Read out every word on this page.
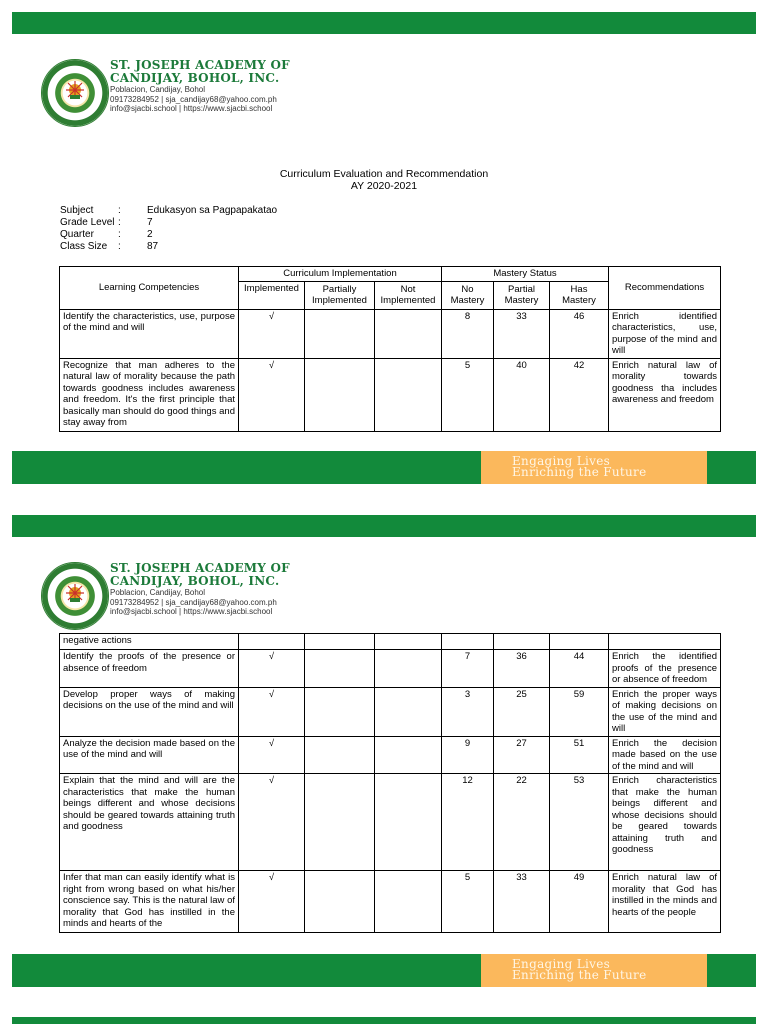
ST. JOSEPH ACADEMY OF
CANDIJAY, BOHOL, INC.
Poblacion, Candijay, Bohol
09173284952 | sja_candijay68@yahoo.com.ph
info@sjacbi.school | https://www.sjacbi.school
Curriculum Evaluation and Recommendation
AY 2020-2021
Subject	:	Edukasyon sa Pagpapakatao
Grade Level :	7
Quarter	:	2
Class Size	:	87
Learning Competencies	Curriculum Implementation			Mastery Status			Recommendations
	Implemented	Partially Implemented	Not Implemented	No Mastery	Partial Mastery	Has Mastery	
Identify the characteristics, use, purpose of the mind and will	√			8	33	46	Enrich identified characteristics, use, purpose of the mind and will

Recognize that man adheres to the natural law of morality because the path towards goodness includes awareness and freedom. It's the first principle that basically man should do good things and stay away from	√			5	40	42	Enrich natural law of morality towards goodness tha includes awareness and freedom
Engaging Lives
Enriching the Future
ST. JOSEPH ACADEMY OF
CANDIJAY, BOHOL, INC.
Poblacion, Candijay, Bohol
09173284952 | sja_candijay68@yahoo.com.ph
info@sjacbi.school | https://www.sjacbi.school
negative actions							
Identify the proofs of the presence or absence of freedom	√			7	36	44	Enrich the identified proofs of the presence or absence of freedom
Develop proper ways of making decisions on the use of the mind and will	√			3	25	59	Enrich the proper ways of making decisions on the use of the mind and will
Analyze the decision made based on the use of the mind and will	√			9	27	51	Enrich the decision made based on the use of the mind and will
Explain that the mind and will are the characteristics that make the human beings different and whose decisions should be geared towards attaining truth and goodness	√			12	22	53	Enrich characteristics that make the human beings different and whose decisions should be geared towards attaining truth and goodness

Infer that man can easily identify what is right from wrong based on what his/her conscience say. This is the natural law of morality that God has instilled in the minds and hearts of the	√			5	33	49	Enrich natural law of morality that God has instilled in the minds and hearts of the people
Engaging Lives
Enriching the Future
